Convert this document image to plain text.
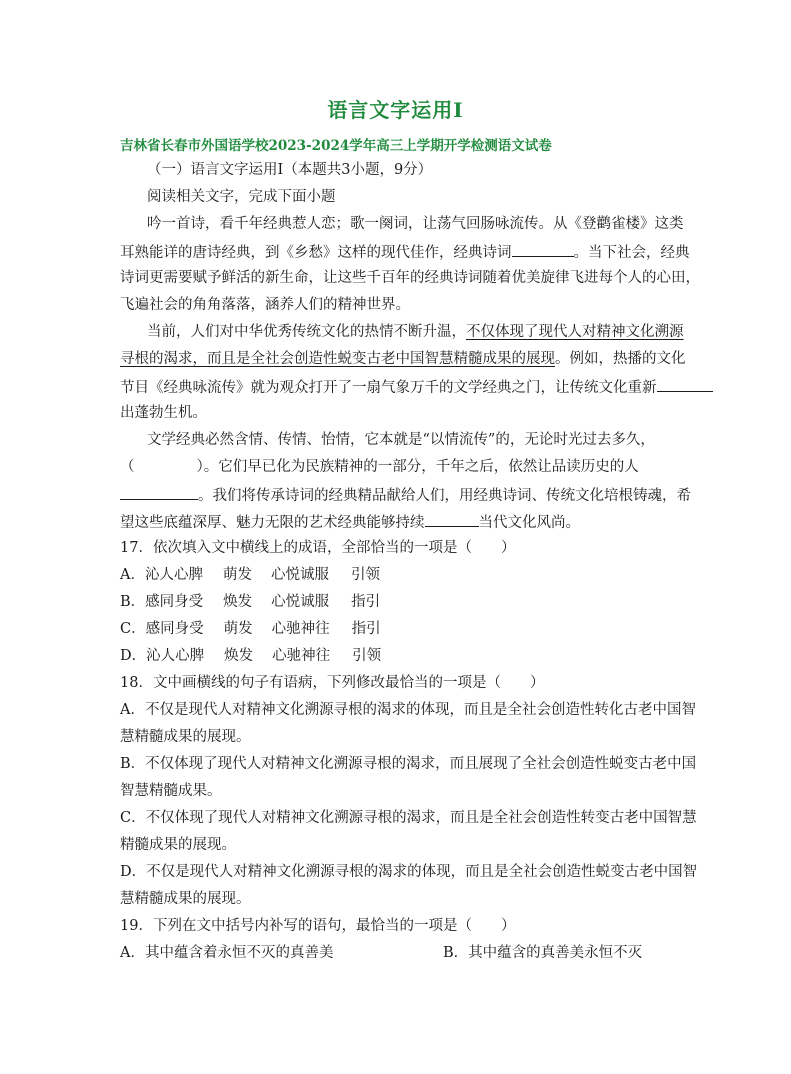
语言文字运用Ⅰ
吉林省长春市外国语学校2023-2024学年高三上学期开学检测语文试卷
（一）语言文字运用Ⅰ（本题共3小题，9分）
阅读相关文字，完成下面小题
吟一首诗，看千年经典惹人恋；歌一阕词，让荡气回肠咏流传。从《登鹳雀楼》这类
耳熟能详的唐诗经典，到《乡愁》这样的现代佳作，经典诗词	。当下社会，经典
诗词更需要赋予鲜活的新生命，让这些千百年的经典诗词随着优美旋律飞进每个人的心田，
飞遍社会的角角落落，涵养人们的精神世界。
当前，人们对中华优秀传统文化的热情不断升温，不仅体现了现代人对精神文化溯源
寻根的渴求，而且是全社会创造性蜕变古老中国智慧精髓成果的展现。例如，热播的文化
节目《经典咏流传》就为观众打开了一扇气象万千的文学经典之门，让传统文化重新
出蓬勃生机。
文学经典必然含情、传情、怡情，它本就是“以情流传”的，无论时光过去多久，
（	）。它们早已化为民族精神的一部分，千年之后，依然让品读历史的人
。我们将传承诗词的经典精品献给人们，用经典诗词、传统文化培根铸魂，希
望这些底蕴深厚、魅力无限的艺术经典能够持续	当代文化风尚。
17．依次填入文中横线上的成语，全部恰当的一项是（　　）
A．沁人心脾 萌发 心悦诚服 引领
B．感同身受 焕发 心悦诚服 指引
C．感同身受 萌发 心驰神往 指引
D．沁人心脾 焕发 心驰神往 引领
18．文中画横线的句子有语病，下列修改最恰当的一项是（　　）
A．不仅是现代人对精神文化溯源寻根的渴求的体现，而且是全社会创造性转化古老中国智
慧精髓成果的展现。
B．不仅体现了现代人对精神文化溯源寻根的渴求，而且展现了全社会创造性蜕变古老中国
智慧精髓成果。
C．不仅体现了现代人对精神文化溯源寻根的渴求，而且是全社会创造性转变古老中国智慧
精髓成果的展现。
D．不仅是现代人对精神文化溯源寻根的渴求的体现，而且是全社会创造性蜕变古老中国智
慧精髓成果的展现。
19．下列在文中括号内补写的语句，最恰当的一项是（　　）
A．其中蕴含着永恒不灭的真善美	B．其中蕴含的真善美永恒不灭
